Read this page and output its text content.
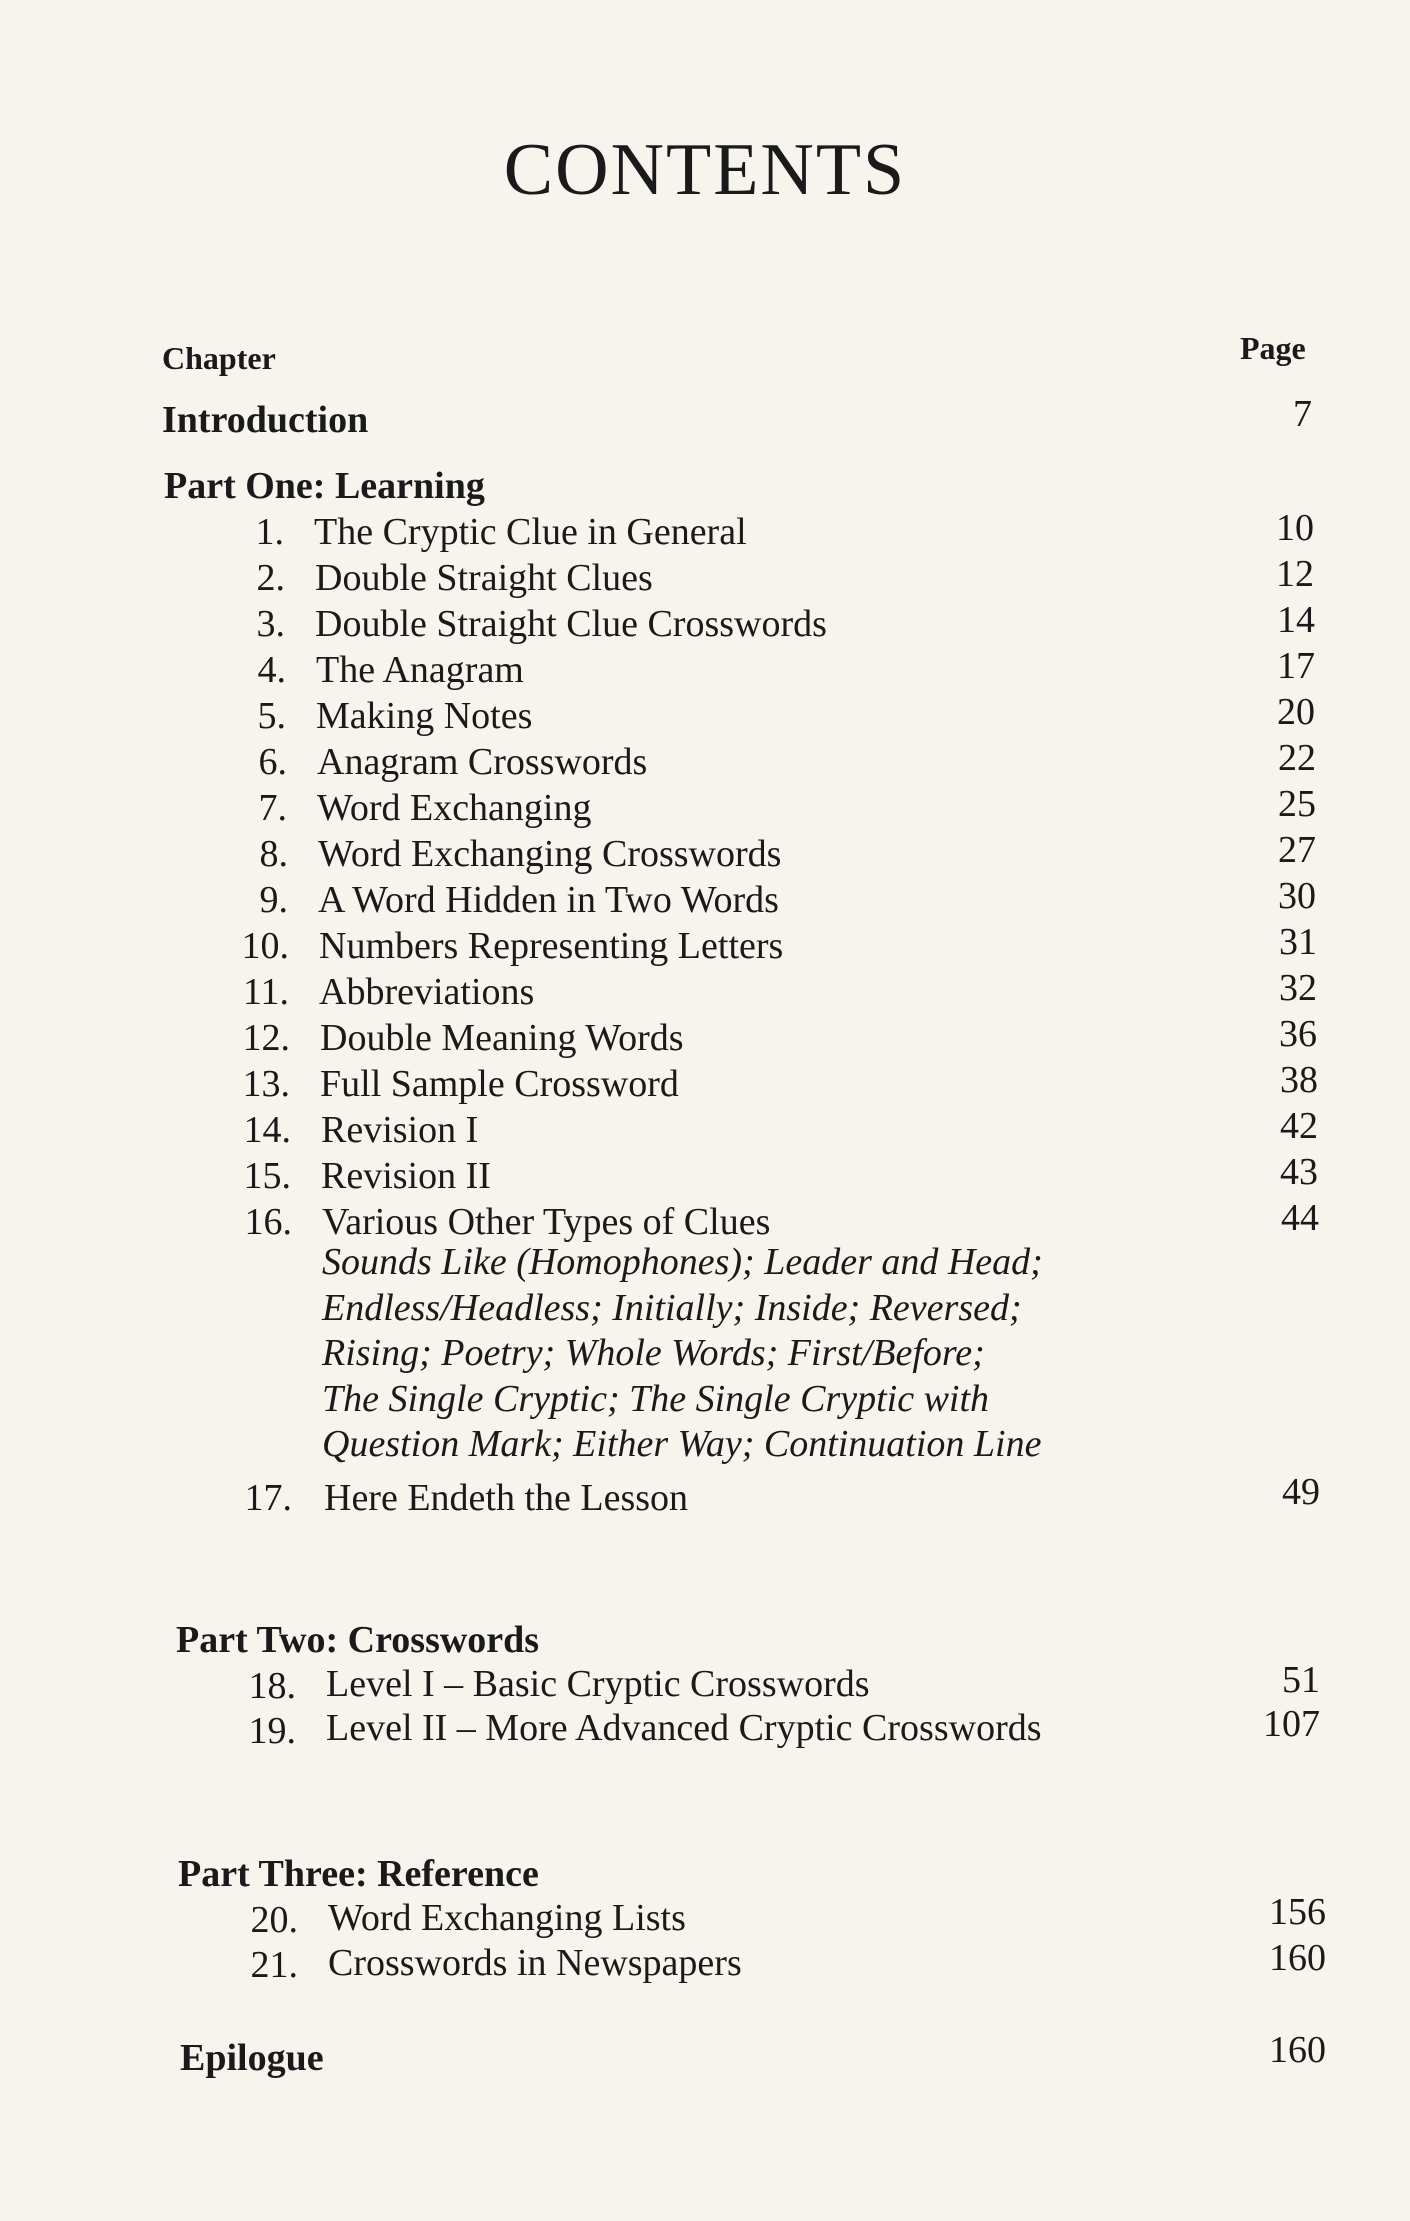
CONTENTS
Chapter	Page
Introduction	7
Part One: Learning
1. The Cryptic Clue in General	10
2. Double Straight Clues	12
3. Double Straight Clue Crosswords	14
4. The Anagram	17
5. Making Notes	20
6. Anagram Crosswords	22
7. Word Exchanging	25
8. Word Exchanging Crosswords	27
9. A Word Hidden in Two Words	30
10. Numbers Representing Letters	31
11. Abbreviations	32
12. Double Meaning Words	36
13. Full Sample Crossword	38
14. Revision I	42
15. Revision II	43
16. Various Other Types of Clues	44
Sounds Like (Homophones); Leader and Head;
Endless/Headless; Initially; Inside; Reversed;
Rising; Poetry; Whole Words; First/Before;
The Single Cryptic; The Single Cryptic with
Question Mark; Either Way; Continuation Line
17. Here Endeth the Lesson	49
Part Two: Crosswords
18. Level I – Basic Cryptic Crosswords	51
19. Level II – More Advanced Cryptic Crosswords	107
Part Three: Reference
20. Word Exchanging Lists	156
21. Crosswords in Newspapers	160
Epilogue	160
